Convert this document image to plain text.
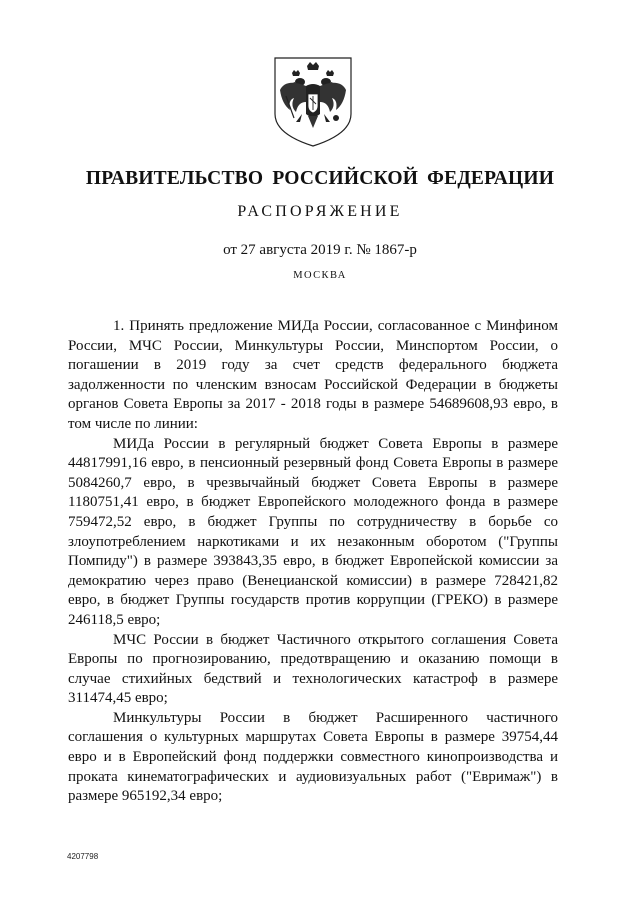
ПРАВИТЕЛЬСТВО РОССИЙСКОЙ ФЕДЕРАЦИИ
РАСПОРЯЖЕНИЕ
от 27 августа 2019 г. № 1867-р
МОСКВА

1. Принять предложение МИДа России, согласованное с Минфином России, МЧС России, Минкультуры России, Минспортом России, о погашении в 2019 году за счет средств федерального бюджета задолженности по членским взносам Российской Федерации в бюджеты органов Совета Европы за 2017 - 2018 годы в размере 54689608,93 евро, в том числе по линии:

МИДа России в регулярный бюджет Совета Европы в размере 44817991,16 евро, в пенсионный резервный фонд Совета Европы в размере 5084260,7 евро, в чрезвычайный бюджет Совета Европы в размере 1180751,41 евро, в бюджет Европейского молодежного фонда в размере 759472,52 евро, в бюджет Группы по сотрудничеству в борьбе со злоупотреблением наркотиками и их незаконным оборотом ("Группы Помпиду") в размере 393843,35 евро, в бюджет Европейской комиссии за демократию через право (Венецианской комиссии) в размере 728421,82 евро, в бюджет Группы государств против коррупции (ГРЕКО) в размере 246118,5 евро;

МЧС России в бюджет Частичного открытого соглашения Совета Европы по прогнозированию, предотвращению и оказанию помощи в случае стихийных бедствий и технологических катастроф в размере 311474,45 евро;

Минкультуры России в бюджет Расширенного частичного соглашения о культурных маршрутах Совета Европы в размере 39754,44 евро и в Европейский фонд поддержки совместного кинопроизводства и проката кинематографических и аудиовизуальных работ ("Евримаж") в размере 965192,34 евро;

4207798
